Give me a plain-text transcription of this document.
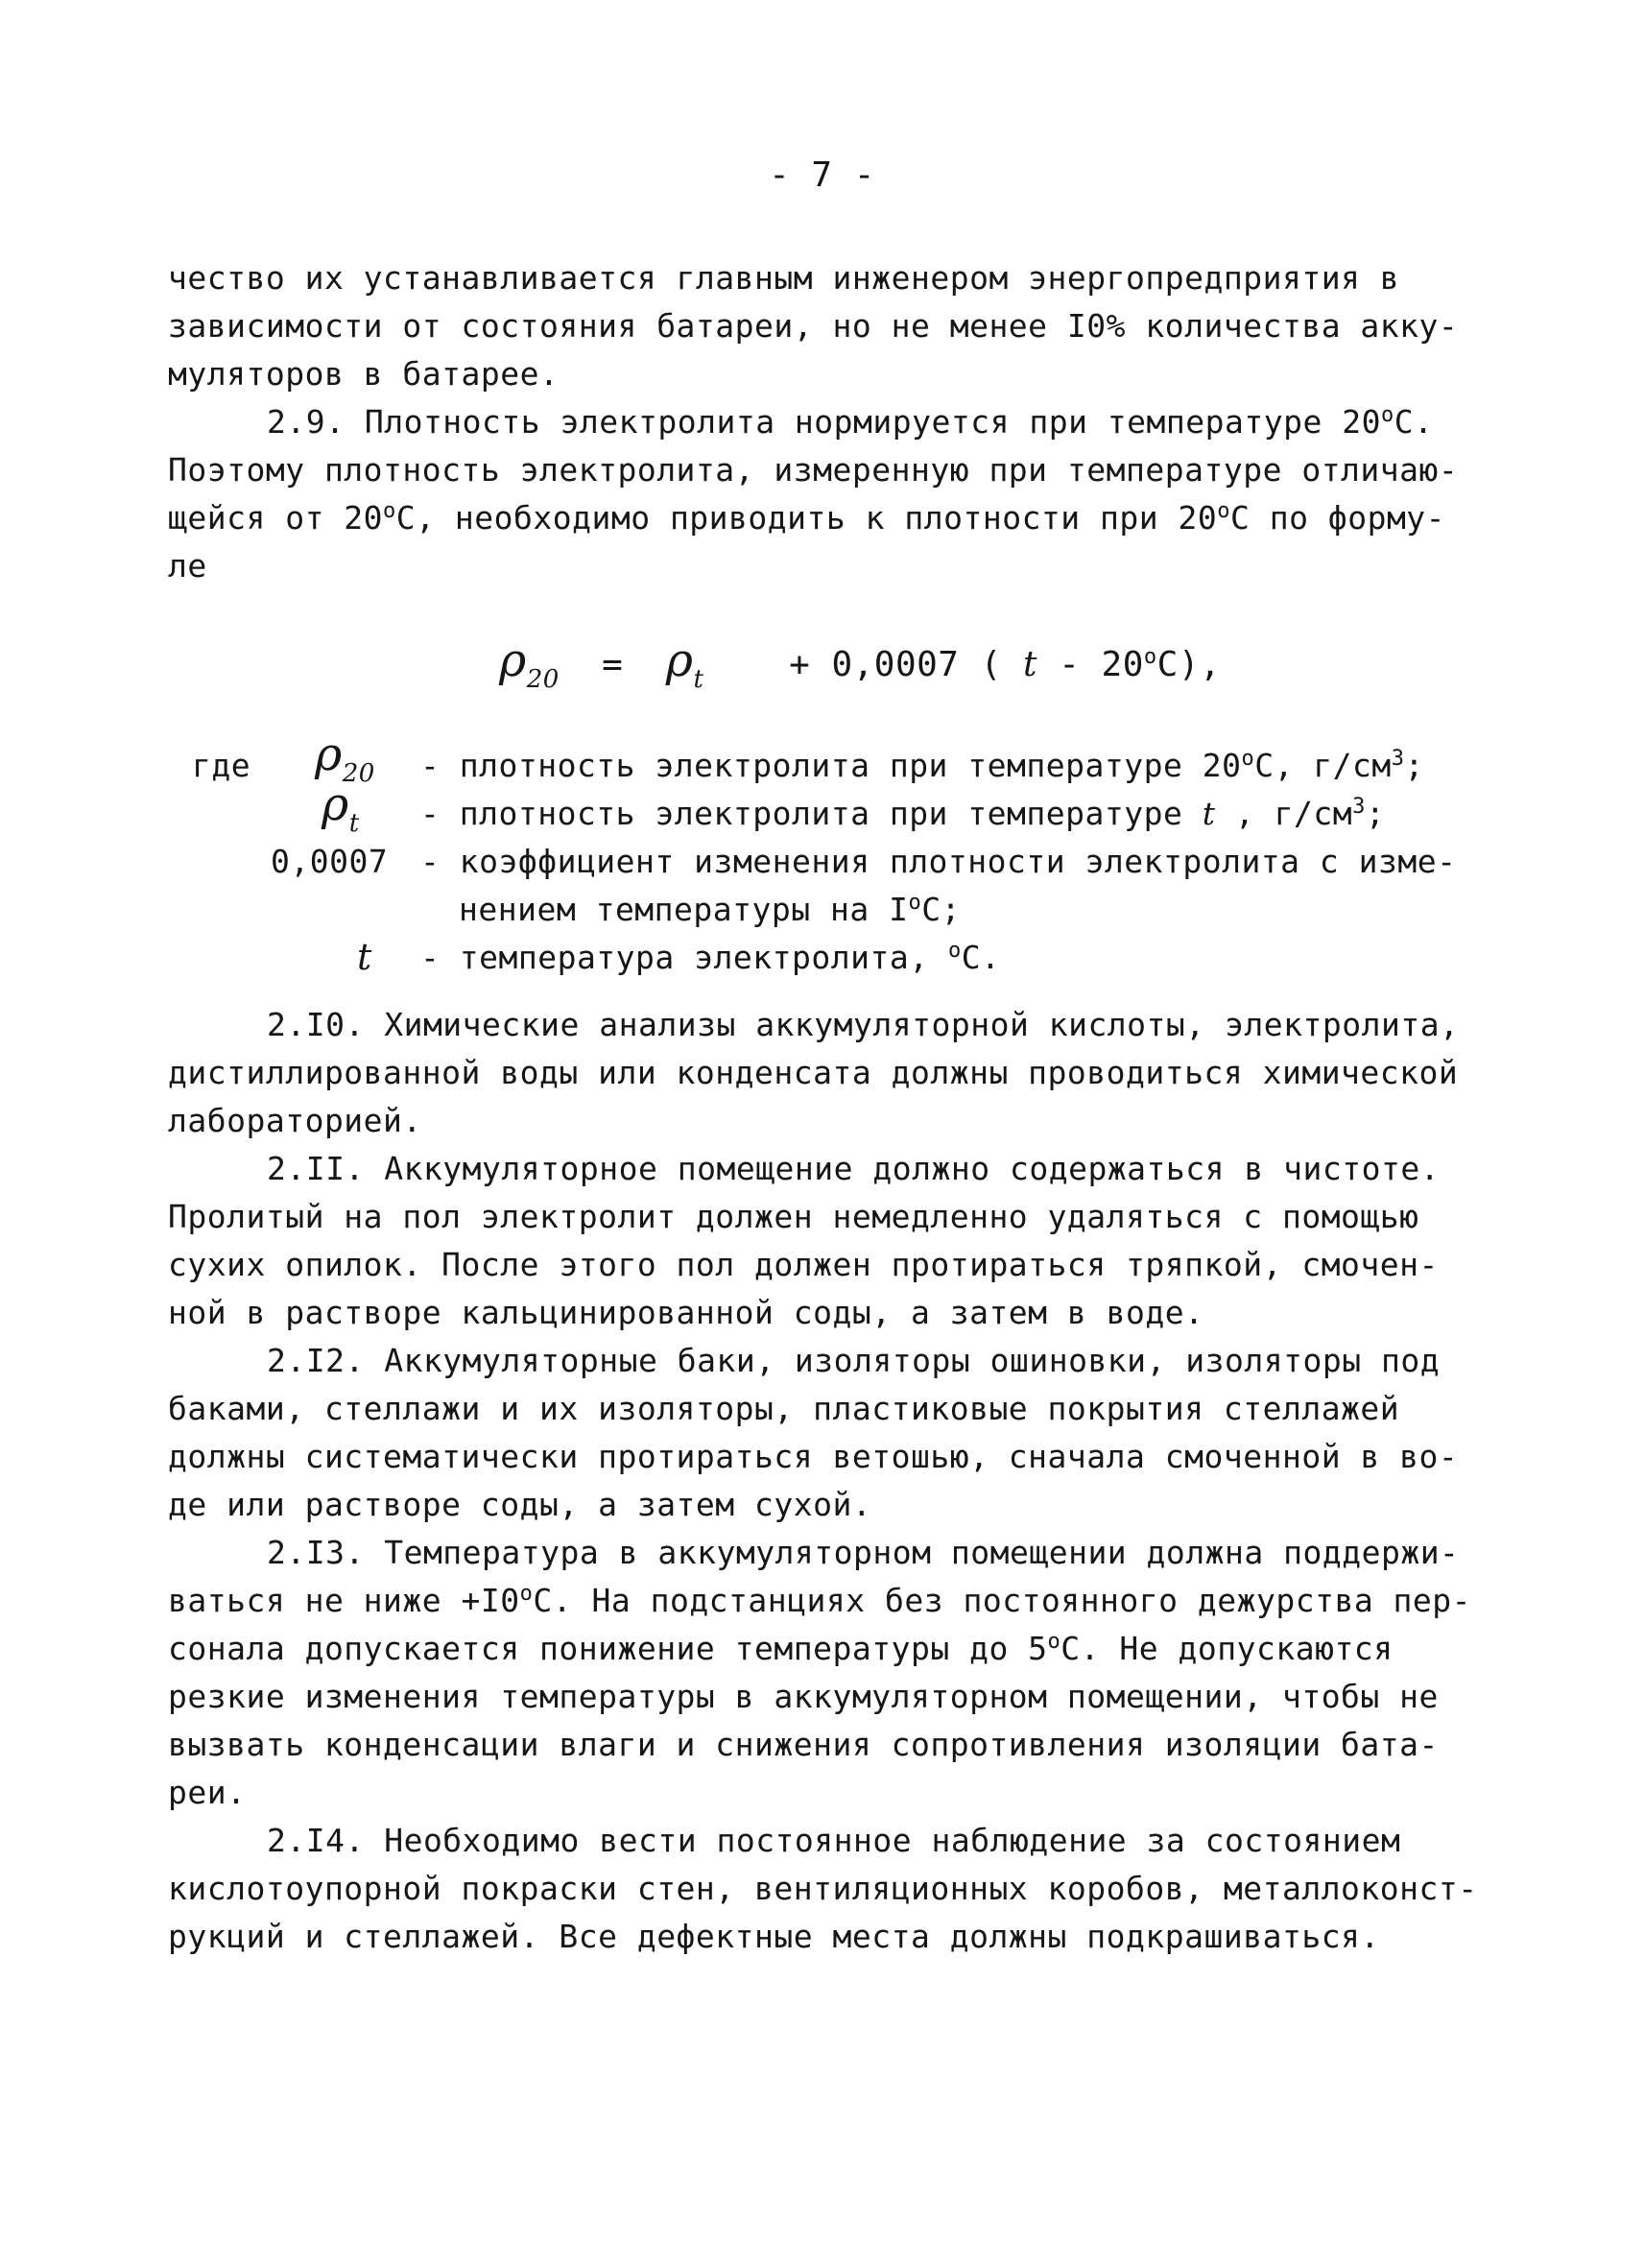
- 7 -
чество их устанавливается главным инженером энергопредприятия в
зависимости от состояния батареи, но не менее I0% количества акку-
муляторов в батарее.
2.9. Плотность электролита нормируется при температуре $20^оС$.
Поэтому плотность электролита, измеренную при температуре отличаю-
щейся от $20^оС$, необходимо приводить к плотности при $20^оС$ по форму-
ле
$\rho_{20} = \rho_t + 0,0007$ ( t - $20^оС$),
где $\rho_{20}$ - плотность электролита при температуре $20^оС$, $г/см^3$;
$\rho_t$ - плотность электролита при температуре t , $г/см^3$;
0,0007 - коэффициент изменения плотности электролита с изме-
нением температуры на $I^оС$;
t - температура электролита, $^о$С.
2.I0. Химические анализы аккумуляторной кислоты, электролита,
дистиллированной воды или конденсата должны проводиться химической
лабораторией.
2.II. Аккумуляторное помещение должно содержаться в чистоте.
Пролитый на пол электролит должен немедленно удаляться с помощью
сухих опилок. После этого пол должен протираться тряпкой, смочен-
ной в растворе кальцинированной соды, а затем в воде.
2.I2. Аккумуляторные баки, изоляторы ошиновки, изоляторы под
баками, стеллажи и их изоляторы, пластиковые покрытия стеллажей
должны систематически протираться ветошью, сначала смоченной в во-
де или растворе соды, а затем сухой.
2.I3. Температура в аккумуляторном помещении должна поддержи-
ваться не ниже $+I0^оС$. На подстанциях без постоянного дежурства пер-
сонала допускается понижение температуры до $5^оС$. Не допускаются
резкие изменения температуры в аккумуляторном помещении, чтобы не
вызвать конденсации влаги и снижения сопротивления изоляции бата-
реи.
2.I4. Необходимо вести постоянное наблюдение за состоянием
кислотоупорной покраски стен, вентиляционных коробов, металлоконст-
рукций и стеллажей. Все дефектные места должны подкрашиваться.
